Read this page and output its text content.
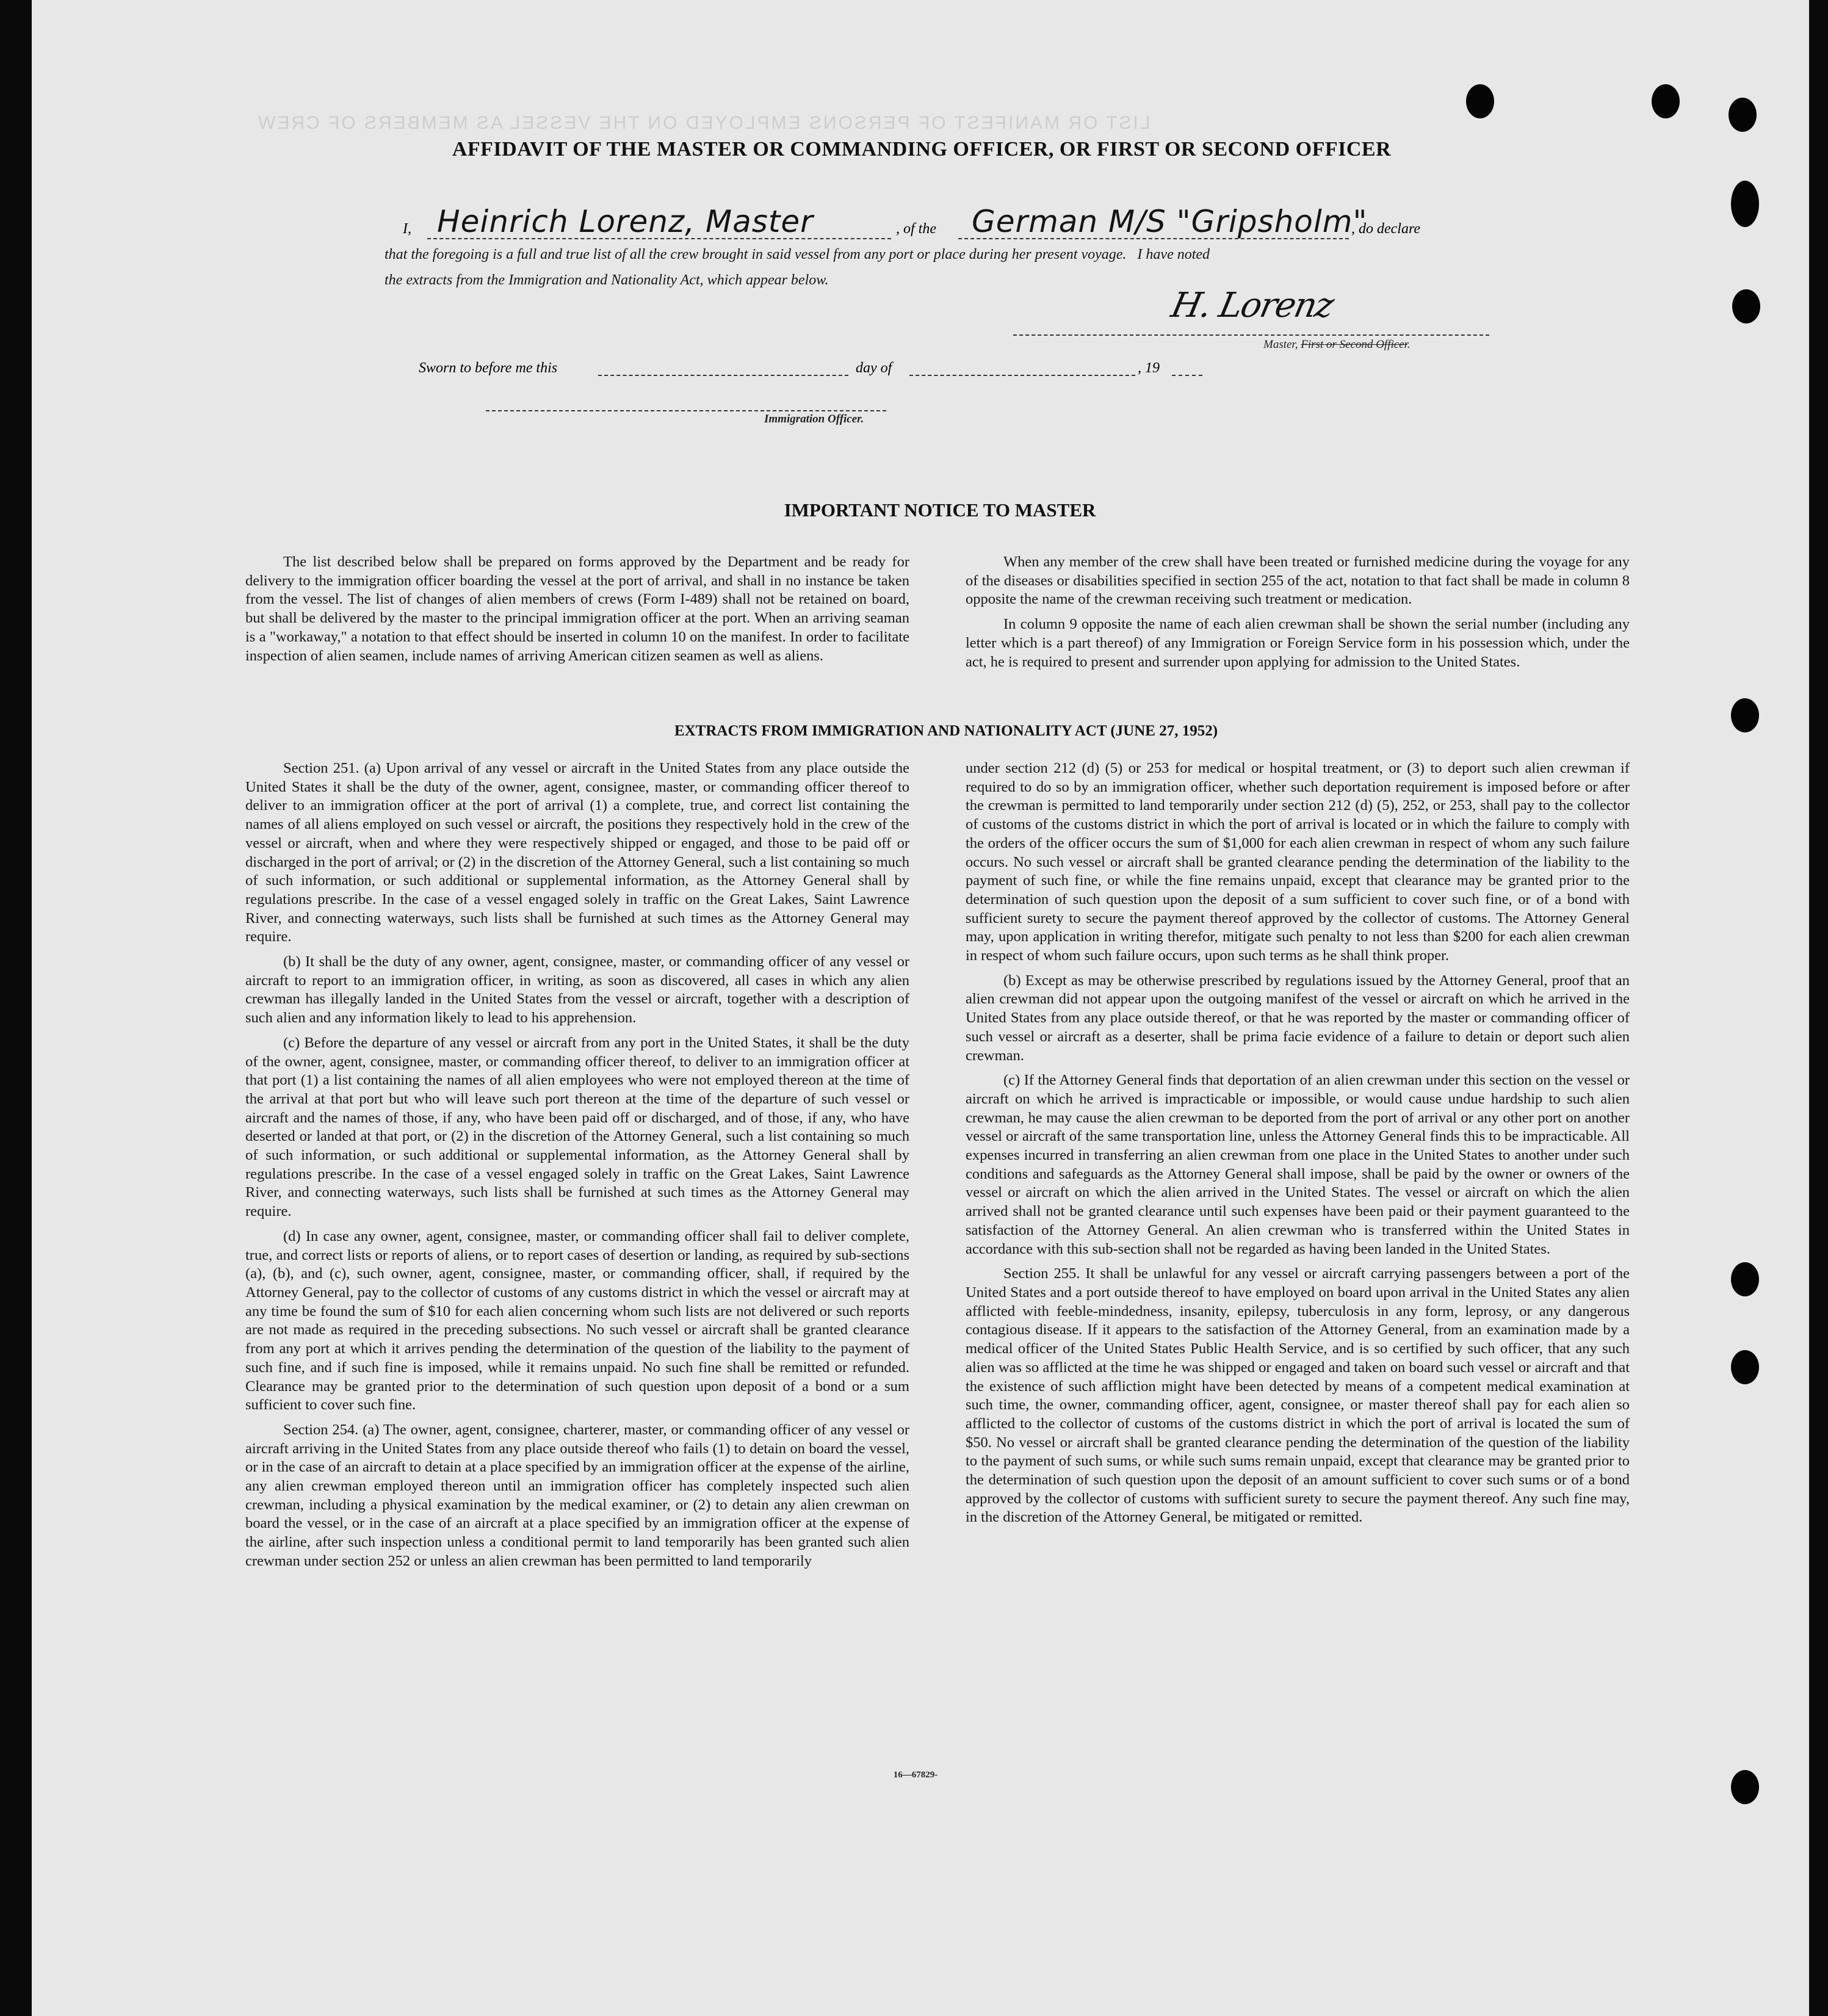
LIST OR MANIFEST OF PERSONS EMPLOYED ON THE VESSEL AS MEMBERS OF CREW
AFFIDAVIT OF THE MASTER OR COMMANDING OFFICER, OR FIRST OR SECOND OFFICER
I, Heinrich Lorenz, Master	, of the German M/S "Gripsholm"
, do declare
that the foregoing is a full and true list of all the crew brought in said vessel from any port or place during her present voyage.   I have noted
the extracts from the Immigration and Nationality Act, which appear below.
H. Lorenz
Master, First or Second Officer.
Sworn to before me this	day of	, 19
Immigration Officer.
IMPORTANT NOTICE TO MASTER

The list described below shall be prepared on forms approved by the Department and be ready for delivery to the immigration officer boarding the vessel at the port of arrival, and shall in no instance be taken from the vessel. The list of changes of alien members of crews (Form I-489) shall not be retained on board, but shall be delivered by the master to the principal immigration officer at the port. When an arriving seaman is a "workaway," a notation to that effect should be inserted in column 10 on the manifest. In order to facilitate inspection of alien seamen, include names of arriving American citizen seamen as well as aliens.

When any member of the crew shall have been treated or furnished medicine during the voyage for any of the diseases or disabilities specified in section 255 of the act, notation to that fact shall be made in column 8 opposite the name of the crewman receiving such treatment or medication.

In column 9 opposite the name of each alien crewman shall be shown the serial number (including any letter which is a part thereof) of any Immigration or Foreign Service form in his possession which, under the act, he is required to present and surrender upon applying for admission to the United States.

EXTRACTS FROM IMMIGRATION AND NATIONALITY ACT (JUNE 27, 1952)

Section 251. (a) Upon arrival of any vessel or aircraft in the United States from any place outside the United States it shall be the duty of the owner, agent, consignee, master, or commanding officer thereof to deliver to an immigration officer at the port of arrival (1) a complete, true, and correct list containing the names of all aliens employed on such vessel or aircraft, the positions they respectively hold in the crew of the vessel or aircraft, when and where they were respectively shipped or engaged, and those to be paid off or discharged in the port of arrival; or (2) in the discretion of the Attorney General, such a list containing so much of such information, or such additional or supplemental information, as the Attorney General shall by regulations prescribe. In the case of a vessel engaged solely in traffic on the Great Lakes, Saint Lawrence River, and connecting waterways, such lists shall be furnished at such times as the Attorney General may require.

(b) It shall be the duty of any owner, agent, consignee, master, or commanding officer of any vessel or aircraft to report to an immigration officer, in writing, as soon as discovered, all cases in which any alien crewman has illegally landed in the United States from the vessel or aircraft, together with a description of such alien and any information likely to lead to his apprehension.

(c) Before the departure of any vessel or aircraft from any port in the United States, it shall be the duty of the owner, agent, consignee, master, or commanding officer thereof, to deliver to an immigration officer at that port (1) a list containing the names of all alien employees who were not employed thereon at the time of the arrival at that port but who will leave such port thereon at the time of the departure of such vessel or aircraft and the names of those, if any, who have been paid off or discharged, and of those, if any, who have deserted or landed at that port, or (2) in the discretion of the Attorney General, such a list containing so much of such information, or such additional or supplemental information, as the Attorney General shall by regulations prescribe. In the case of a vessel engaged solely in traffic on the Great Lakes, Saint Lawrence River, and connecting waterways, such lists shall be furnished at such times as the Attorney General may require.

(d) In case any owner, agent, consignee, master, or commanding officer shall fail to deliver complete, true, and correct lists or reports of aliens, or to report cases of desertion or landing, as required by sub-sections (a), (b), and (c), such owner, agent, consignee, master, or commanding officer, shall, if required by the Attorney General, pay to the collector of customs of any customs district in which the vessel or aircraft may at any time be found the sum of $10 for each alien concerning whom such lists are not delivered or such reports are not made as required in the preceding subsections. No such vessel or aircraft shall be granted clearance from any port at which it arrives pending the determination of the question of the liability to the payment of such fine, and if such fine is imposed, while it remains unpaid. No such fine shall be remitted or refunded. Clearance may be granted prior to the determination of such question upon deposit of a bond or a sum sufficient to cover such fine.

Section 254. (a) The owner, agent, consignee, charterer, master, or commanding officer of any vessel or aircraft arriving in the United States from any place outside thereof who fails (1) to detain on board the vessel, or in the case of an aircraft to detain at a place specified by an immigration officer at the expense of the airline, any alien crewman employed thereon until an immigration officer has completely inspected such alien crewman, including a physical examination by the medical examiner, or (2) to detain any alien crewman on board the vessel, or in the case of an aircraft at a place specified by an immigration officer at the expense of the airline, after such inspection unless a conditional permit to land temporarily has been granted such alien crewman under section 252 or unless an alien crewman has been permitted to land temporarily

under section 212 (d) (5) or 253 for medical or hospital treatment, or (3) to deport such alien crewman if required to do so by an immigration officer, whether such deportation requirement is imposed before or after the crewman is permitted to land temporarily under section 212 (d) (5), 252, or 253, shall pay to the collector of customs of the customs district in which the port of arrival is located or in which the failure to comply with the orders of the officer occurs the sum of $1,000 for each alien crewman in respect of whom any such failure occurs. No such vessel or aircraft shall be granted clearance pending the determination of the liability to the payment of such fine, or while the fine remains unpaid, except that clearance may be granted prior to the determination of such question upon the deposit of a sum sufficient to cover such fine, or of a bond with sufficient surety to secure the payment thereof approved by the collector of customs. The Attorney General may, upon application in writing therefor, mitigate such penalty to not less than $200 for each alien crewman in respect of whom such failure occurs, upon such terms as he shall think proper.

(b) Except as may be otherwise prescribed by regulations issued by the Attorney General, proof that an alien crewman did not appear upon the outgoing manifest of the vessel or aircraft on which he arrived in the United States from any place outside thereof, or that he was reported by the master or commanding officer of such vessel or aircraft as a deserter, shall be prima facie evidence of a failure to detain or deport such alien crewman.

(c) If the Attorney General finds that deportation of an alien crewman under this section on the vessel or aircraft on which he arrived is impracticable or impossible, or would cause undue hardship to such alien crewman, he may cause the alien crewman to be deported from the port of arrival or any other port on another vessel or aircraft of the same transportation line, unless the Attorney General finds this to be impracticable. All expenses incurred in transferring an alien crewman from one place in the United States to another under such conditions and safeguards as the Attorney General shall impose, shall be paid by the owner or owners of the vessel or aircraft on which the alien arrived in the United States. The vessel or aircraft on which the alien arrived shall not be granted clearance until such expenses have been paid or their payment guaranteed to the satisfaction of the Attorney General. An alien crewman who is transferred within the United States in accordance with this sub-section shall not be regarded as having been landed in the United States.

Section 255. It shall be unlawful for any vessel or aircraft carrying passengers between a port of the United States and a port outside thereof to have employed on board upon arrival in the United States any alien afflicted with feeble-mindedness, insanity, epilepsy, tuberculosis in any form, leprosy, or any dangerous contagious disease. If it appears to the satisfaction of the Attorney General, from an examination made by a medical officer of the United States Public Health Service, and is so certified by such officer, that any such alien was so afflicted at the time he was shipped or engaged and taken on board such vessel or aircraft and that the existence of such affliction might have been detected by means of a competent medical examination at such time, the owner, commanding officer, agent, consignee, or master thereof shall pay for each alien so afflicted to the collector of customs of the customs district in which the port of arrival is located the sum of $50. No vessel or aircraft shall be granted clearance pending the determination of the question of the liability to the payment of such sums, or while such sums remain unpaid, except that clearance may be granted prior to the determination of such question upon the deposit of an amount sufficient to cover such sums or of a bond approved by the collector of customs with sufficient surety to secure the payment thereof. Any such fine may, in the discretion of the Attorney General, be mitigated or remitted.

16—67829-
